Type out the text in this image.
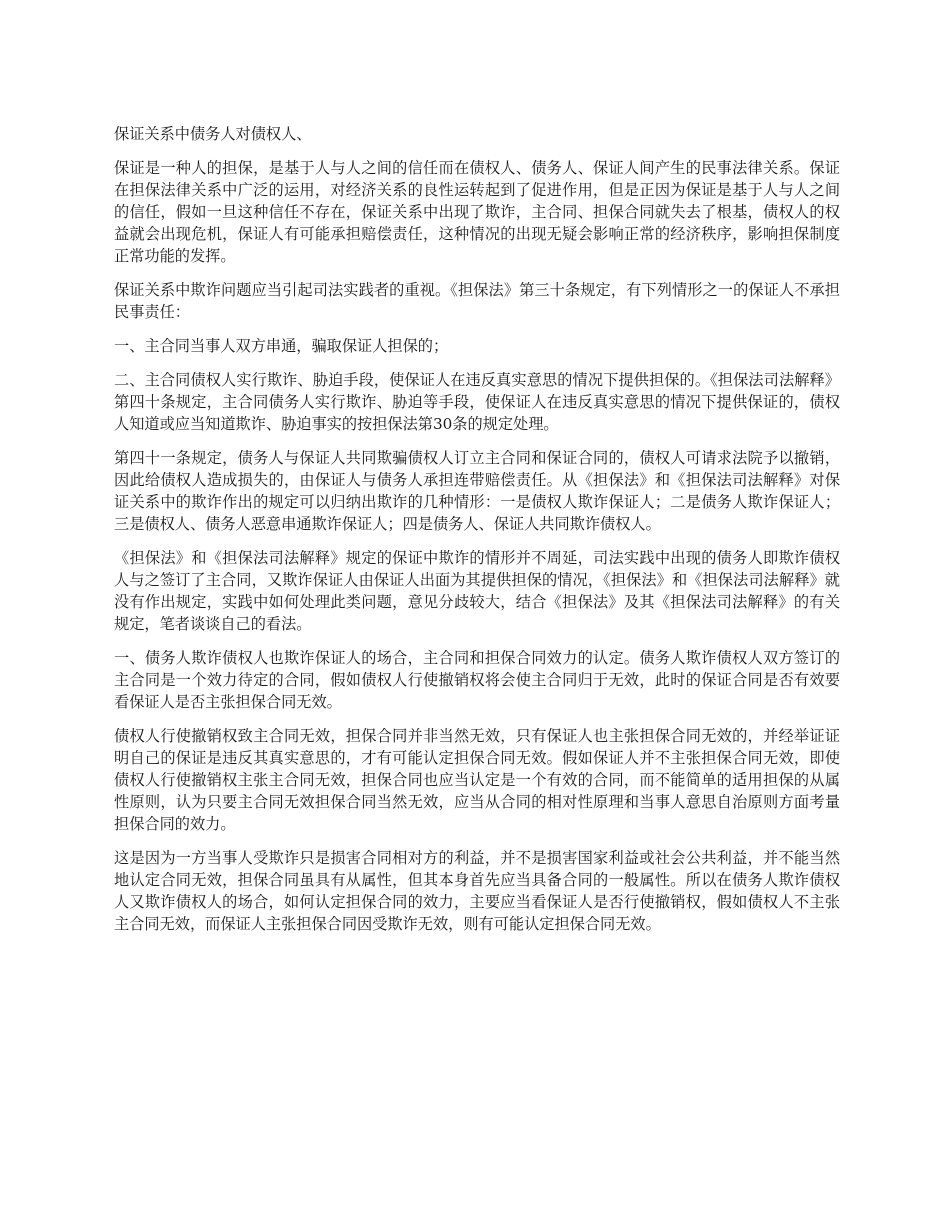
保证关系中债务人对债权人、

保证是一种人的担保，是基于人与人之间的信任而在债权人、债务人、保证人间产生的民事法律关系。保证在担保法律关系中广泛的运用，对经济关系的良性运转起到了促进作用，但是正因为保证是基于人与人之间的信任，假如一旦这种信任不存在，保证关系中出现了欺诈，主合同、担保合同就失去了根基，债权人的权益就会出现危机，保证人有可能承担赔偿责任，这种情况的出现无疑会影响正常的经济秩序，影响担保制度正常功能的发挥。

保证关系中欺诈问题应当引起司法实践者的重视。《担保法》第三十条规定，有下列情形之一的保证人不承担民事责任：

一、主合同当事人双方串通，骗取保证人担保的；

二、主合同债权人实行欺诈、胁迫手段，使保证人在违反真实意思的情况下提供担保的。《担保法司法解释》第四十条规定，主合同债务人实行欺诈、胁迫等手段，使保证人在违反真实意思的情况下提供保证的，债权人知道或应当知道欺诈、胁迫事实的按担保法第30条的规定处理。

第四十一条规定，债务人与保证人共同欺骗债权人订立主合同和保证合同的，债权人可请求法院予以撤销，因此给债权人造成损失的，由保证人与债务人承担连带赔偿责任。从《担保法》和《担保法司法解释》对保证关系中的欺诈作出的规定可以归纳出欺诈的几种情形：一是债权人欺诈保证人；二是债务人欺诈保证人；三是债权人、债务人恶意串通欺诈保证人；四是债务人、保证人共同欺诈债权人。

《担保法》和《担保法司法解释》规定的保证中欺诈的情形并不周延，司法实践中出现的债务人即欺诈债权人与之签订了主合同，又欺诈保证人由保证人出面为其提供担保的情况，《担保法》和《担保法司法解释》就没有作出规定，实践中如何处理此类问题，意见分歧较大，结合《担保法》及其《担保法司法解释》的有关规定，笔者谈谈自己的看法。

一、债务人欺诈债权人也欺诈保证人的场合，主合同和担保合同效力的认定。债务人欺诈债权人双方签订的主合同是一个效力待定的合同，假如债权人行使撤销权将会使主合同归于无效，此时的保证合同是否有效要看保证人是否主张担保合同无效。

债权人行使撤销权致主合同无效，担保合同并非当然无效，只有保证人也主张担保合同无效的，并经举证证明自己的保证是违反其真实意思的，才有可能认定担保合同无效。假如保证人并不主张担保合同无效，即使债权人行使撤销权主张主合同无效，担保合同也应当认定是一个有效的合同，而不能简单的适用担保的从属性原则，认为只要主合同无效担保合同当然无效，应当从合同的相对性原理和当事人意思自治原则方面考量担保合同的效力。

这是因为一方当事人受欺诈只是损害合同相对方的利益，并不是损害国家利益或社会公共利益，并不能当然地认定合同无效，担保合同虽具有从属性，但其本身首先应当具备合同的一般属性。所以在债务人欺诈债权人又欺诈债权人的场合，如何认定担保合同的效力，主要应当看保证人是否行使撤销权，假如债权人不主张主合同无效，而保证人主张担保合同因受欺诈无效，则有可能认定担保合同无效。
